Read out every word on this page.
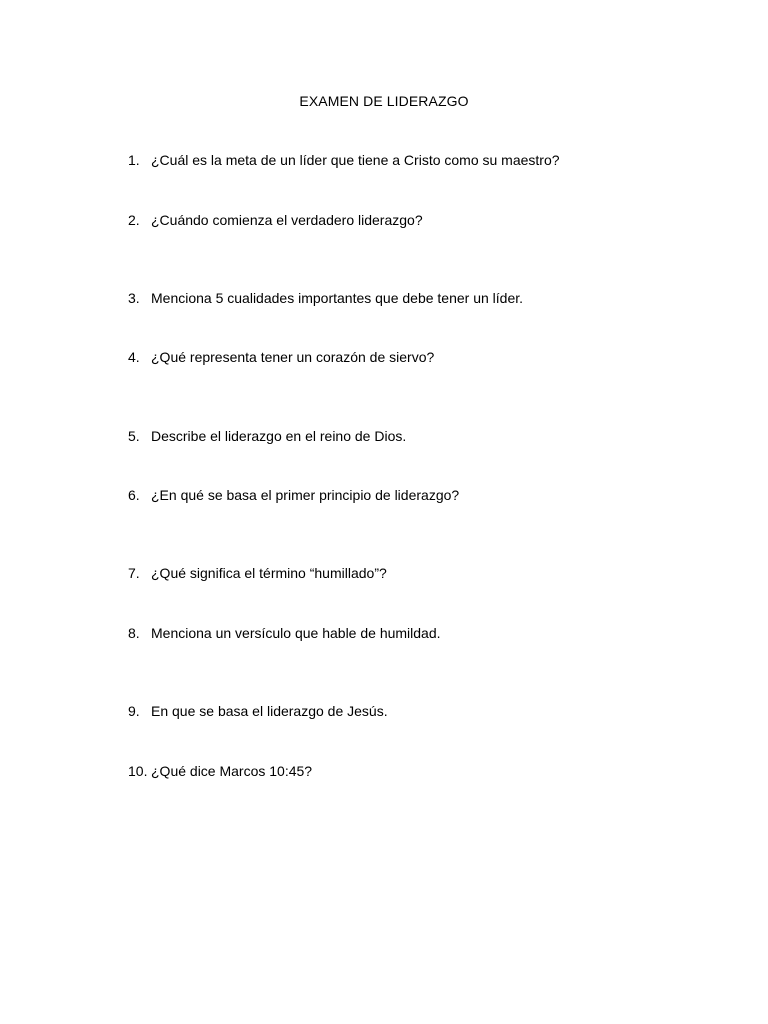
EXAMEN DE LIDERAZGO
1. ¿Cuál es la meta de un líder que tiene a Cristo como su maestro?
2. ¿Cuándo comienza el verdadero liderazgo?
3. Menciona 5 cualidades importantes que debe tener un líder.
4. ¿Qué representa tener un corazón de siervo?
5. Describe el liderazgo en el reino de Dios.
6. ¿En qué se basa el primer principio de liderazgo?
7. ¿Qué significa el término “humillado”?
8. Menciona un versículo que hable de humildad.
9. En que se basa el liderazgo de Jesús.
10. ¿Qué dice Marcos 10:45?
